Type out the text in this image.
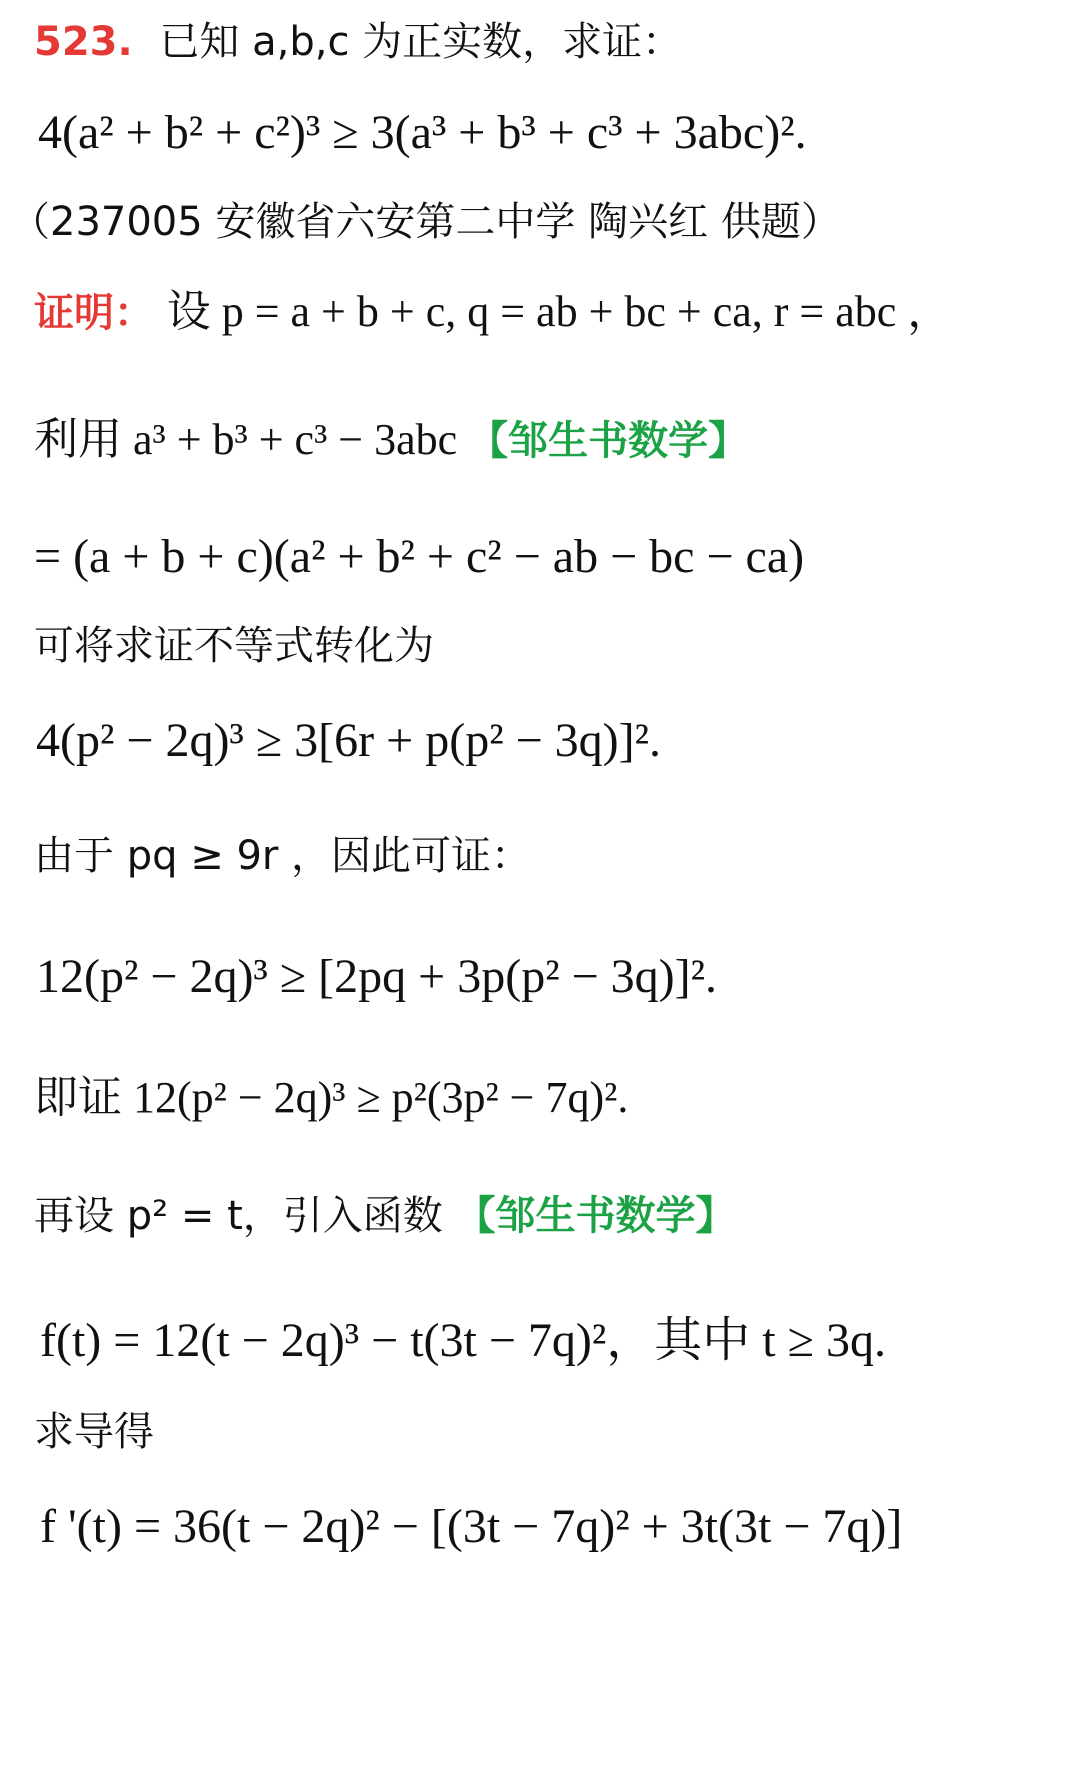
523. 已知 a,b,c 为正实数，求证：
4(a² + b² + c²)³ ≥ 3(a³ + b³ + c³ + 3abc)².
（237005 安徽省六安第二中学 陶兴红 供题）
证明： 设 p = a + b + c, q = ab + bc + ca, r = abc ，
利用 a³ + b³ + c³ − 3abc 【邹生书数学】
= (a + b + c)(a² + b² + c² − ab − bc − ca)
可将求证不等式转化为
4(p² − 2q)³ ≥ 3[6r + p(p² − 3q)]².
由于 pq ≥ 9r ，因此可证：
12(p² − 2q)³ ≥ [2pq + 3p(p² − 3q)]².
即证 12(p² − 2q)³ ≥ p²(3p² − 7q)².
再设 p² = t，引入函数 【邹生书数学】
f(t) = 12(t − 2q)³ − t(3t − 7q)²，其中 t ≥ 3q.
求导得
f '(t) = 36(t − 2q)² − [(3t − 7q)² + 3t(3t − 7q)]
